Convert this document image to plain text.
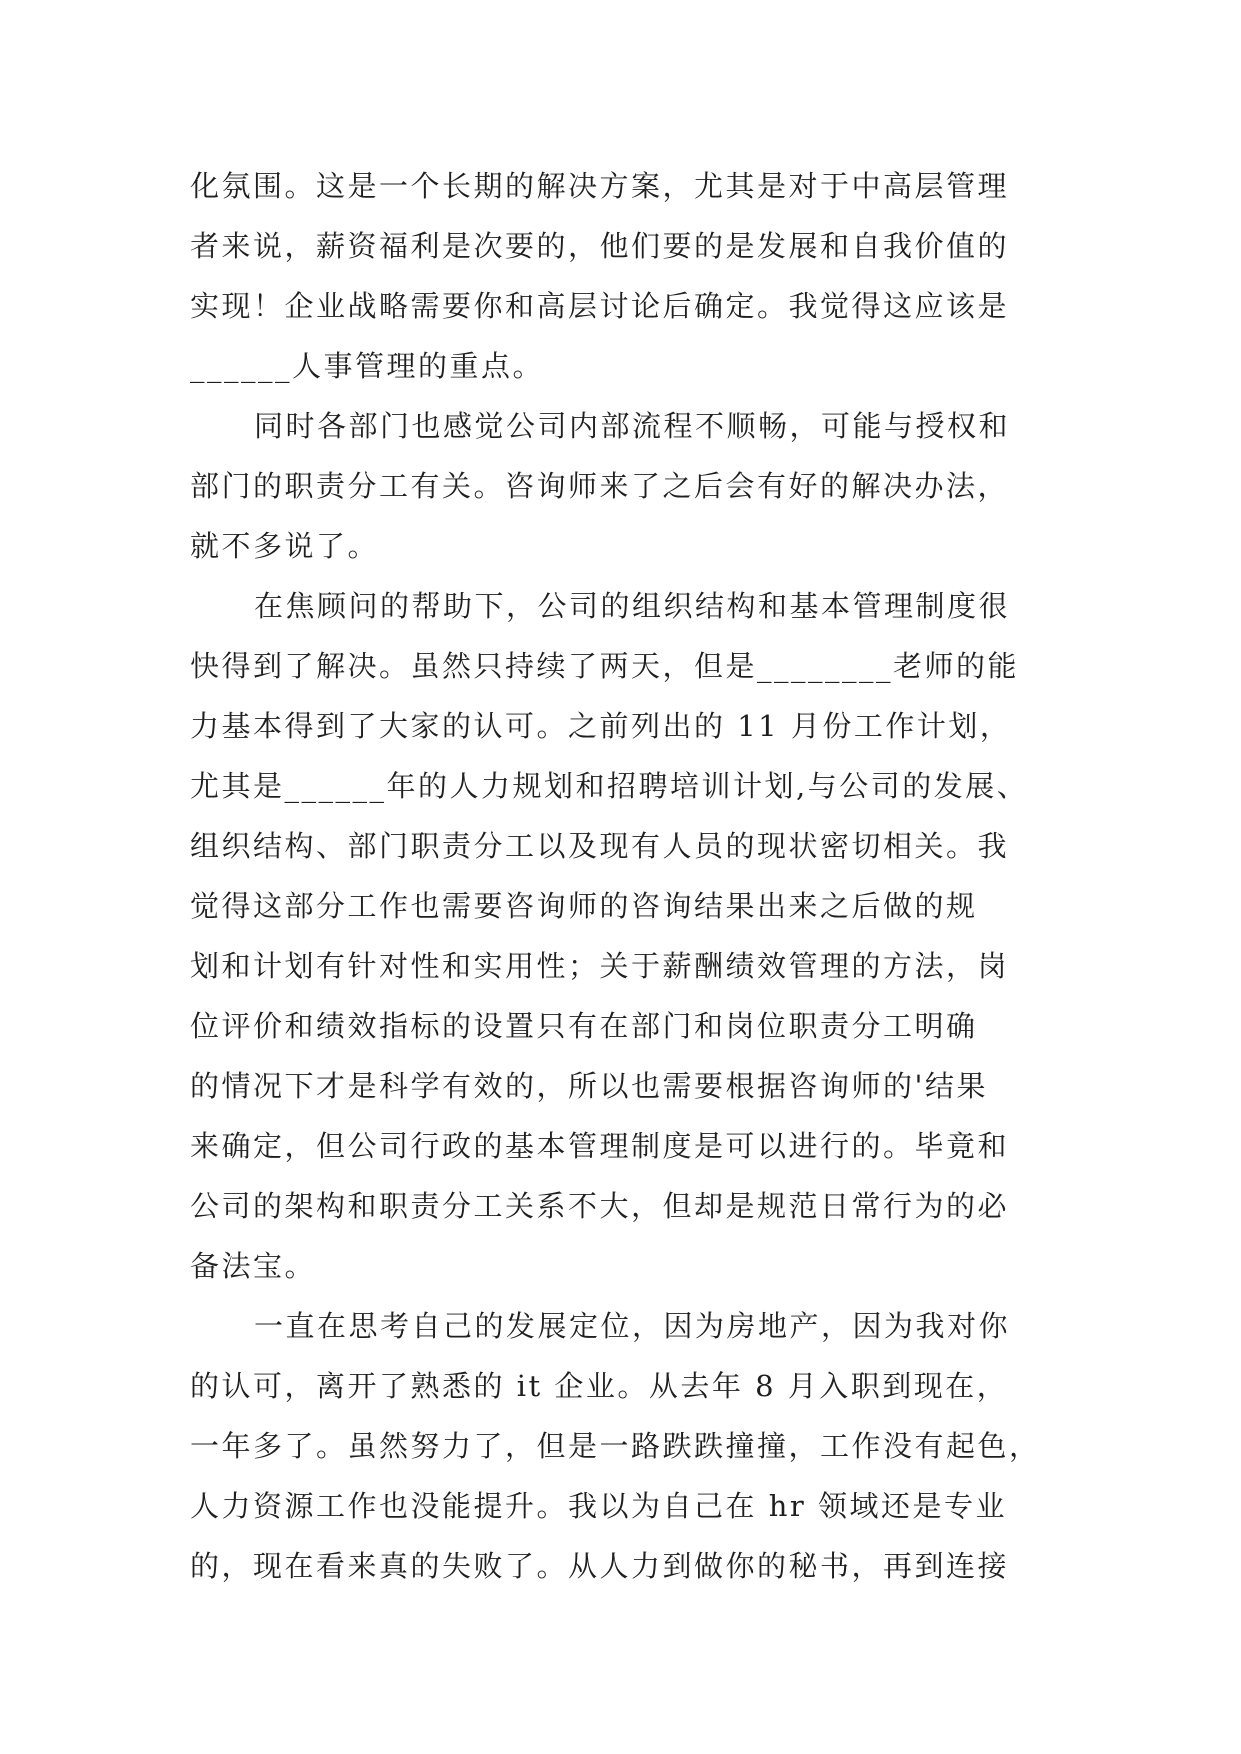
化氛围。这是一个长期的解决方案，尤其是对于中高层管理
者来说，薪资福利是次要的，他们要的是发展和自我价值的
实现！企业战略需要你和高层讨论后确定。我觉得这应该是
______人事管理的重点。
同时各部门也感觉公司内部流程不顺畅，可能与授权和
部门的职责分工有关。咨询师来了之后会有好的解决办法，
就不多说了。
在焦顾问的帮助下，公司的组织结构和基本管理制度很
快得到了解决。虽然只持续了两天，但是________老师的能
力基本得到了大家的认可。之前列出的 11 月份工作计划，
尤其是______年的人力规划和招聘培训计划,与公司的发展、
组织结构、部门职责分工以及现有人员的现状密切相关。我
觉得这部分工作也需要咨询师的咨询结果出来之后做的规
划和计划有针对性和实用性；关于薪酬绩效管理的方法，岗
位评价和绩效指标的设置只有在部门和岗位职责分工明确
的情况下才是科学有效的，所以也需要根据咨询师的'结果
来确定，但公司行政的基本管理制度是可以进行的。毕竟和
公司的架构和职责分工关系不大，但却是规范日常行为的必
备法宝。
一直在思考自己的发展定位，因为房地产，因为我对你
的认可，离开了熟悉的 it 企业。从去年 8 月入职到现在，
一年多了。虽然努力了，但是一路跌跌撞撞，工作没有起色，
人力资源工作也没能提升。我以为自己在 hr 领域还是专业
的，现在看来真的失败了。从人力到做你的秘书，再到连接
